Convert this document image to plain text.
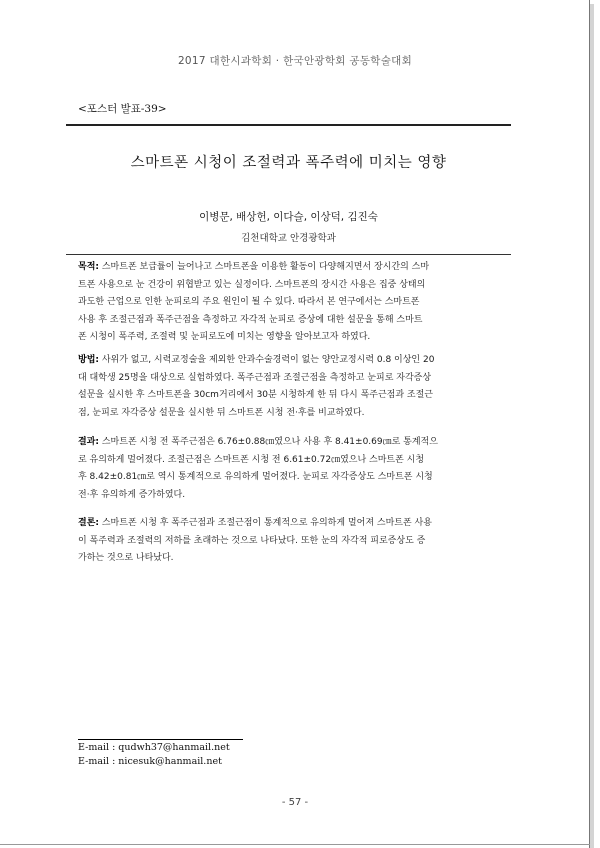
2017 대한시과학회 · 한국안광학회 공동학술대회
<포스터 발표-39>
스마트폰 시청이 조절력과 폭주력에 미치는 영향
이병문, 배상헌, 이다슬, 이상덕, 김진숙
김천대학교 안경광학과
목적: 스마트폰 보급률이 늘어나고 스마트폰을 이용한 활동이 다양해지면서 장시간의 스마
트폰 사용으로 눈 건강이 위협받고 있는 실정이다. 스마트폰의 장시간 사용은 집중 상태의
과도한 근업으로 인한 눈피로의 주요 원인이 될 수 있다. 따라서 본 연구에서는 스마트폰
사용 후 조절근점과 폭주근점을 측정하고 자각적 눈피로 증상에 대한 설문을 통해 스마트
폰 시청이 폭주력, 조절력 및 눈피로도에 미치는 영향을 알아보고자 하였다.
방법: 사위가 없고, 시력교정술을 제외한 안과수술경력이 없는 양안교정시력 0.8 이상인 20
대 대학생 25명을 대상으로 실험하였다. 폭주근점과 조절근점을 측정하고 눈피로 자각증상
설문을 실시한 후 스마트폰을 30cm거리에서 30분 시청하게 한 뒤 다시 폭주근점과 조절근
점, 눈피로 자각증상 설문을 실시한 뒤 스마트폰 시청 전·후를 비교하였다.
결과: 스마트폰 시청 전 폭주근점은 6.76±0.88㎝였으나 사용 후 8.41±0.69㎝로 통계적으
로 유의하게 멀어졌다. 조절근점은 스마트폰 시청 전 6.61±0.72㎝였으나 스마트폰 시청
후 8.42±0.81㎝로 역시 통계적으로 유의하게 멀어졌다. 눈피로 자각증상도 스마트폰 시청
전·후 유의하게 증가하였다.
결론: 스마트폰 시청 후 폭주근점과 조절근점이 통계적으로 유의하게 멀어져 스마트폰 사용
이 폭주력과 조절력의 저하를 초래하는 것으로 나타났다. 또한 눈의 자각적 피로증상도 증
가하는 것으로 나타났다.
E-mail : qudwh37@hanmail.net
E-mail : nicesuk@hanmail.net
- 57 -
